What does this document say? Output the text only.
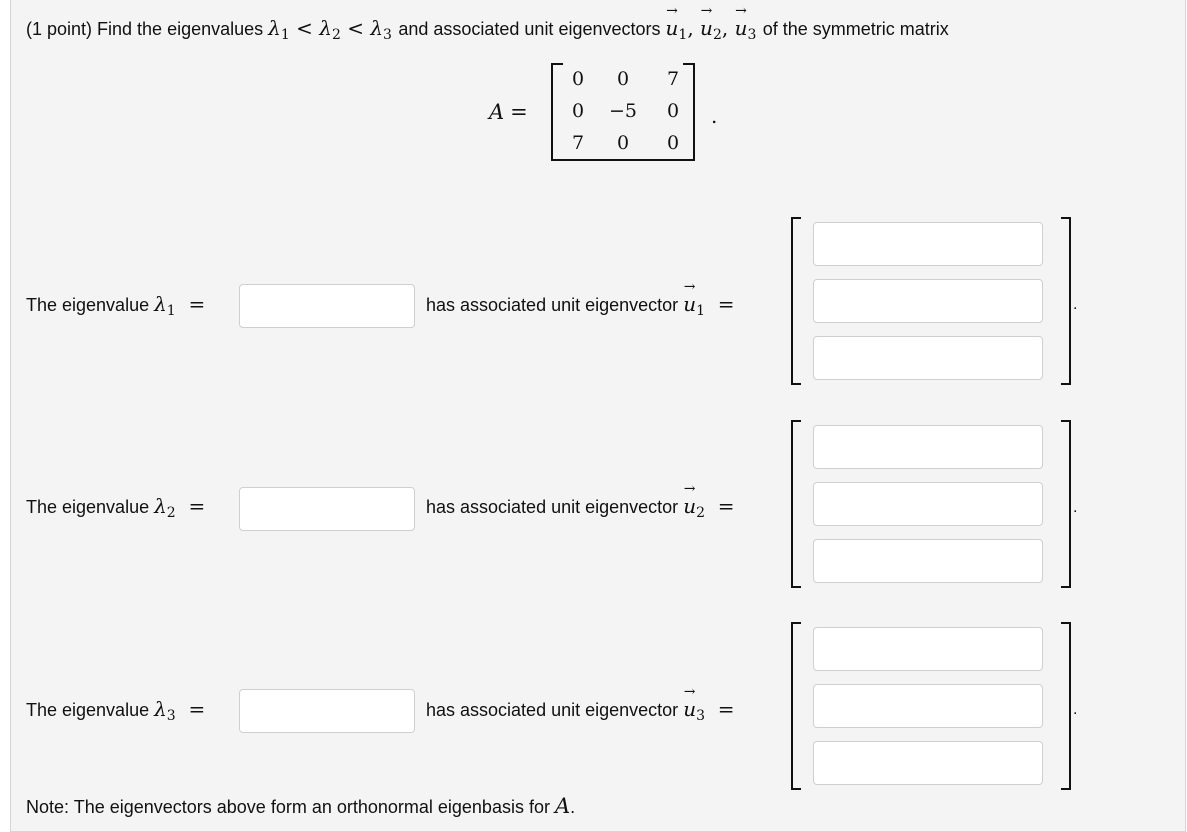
(1 point) Find the eigenvalues $\lambda_1 < \lambda_2 < \lambda_3$ and associated unit eigenvectors → $u_1$, → $u_2$, → $u_3$ of the symmetric matrix
A =
0	0	7
0	−5	0
7	0	0
.
The eigenvalue $\lambda_1$ =	has associated unit eigenvector → $u_1$ =	.
The eigenvalue $\lambda_2$ =	has associated unit eigenvector → $u_2$ =	.
The eigenvalue $\lambda_3$ =	has associated unit eigenvector → $u_3$ =	.
Note: The eigenvectors above form an orthonormal eigenbasis for A.
